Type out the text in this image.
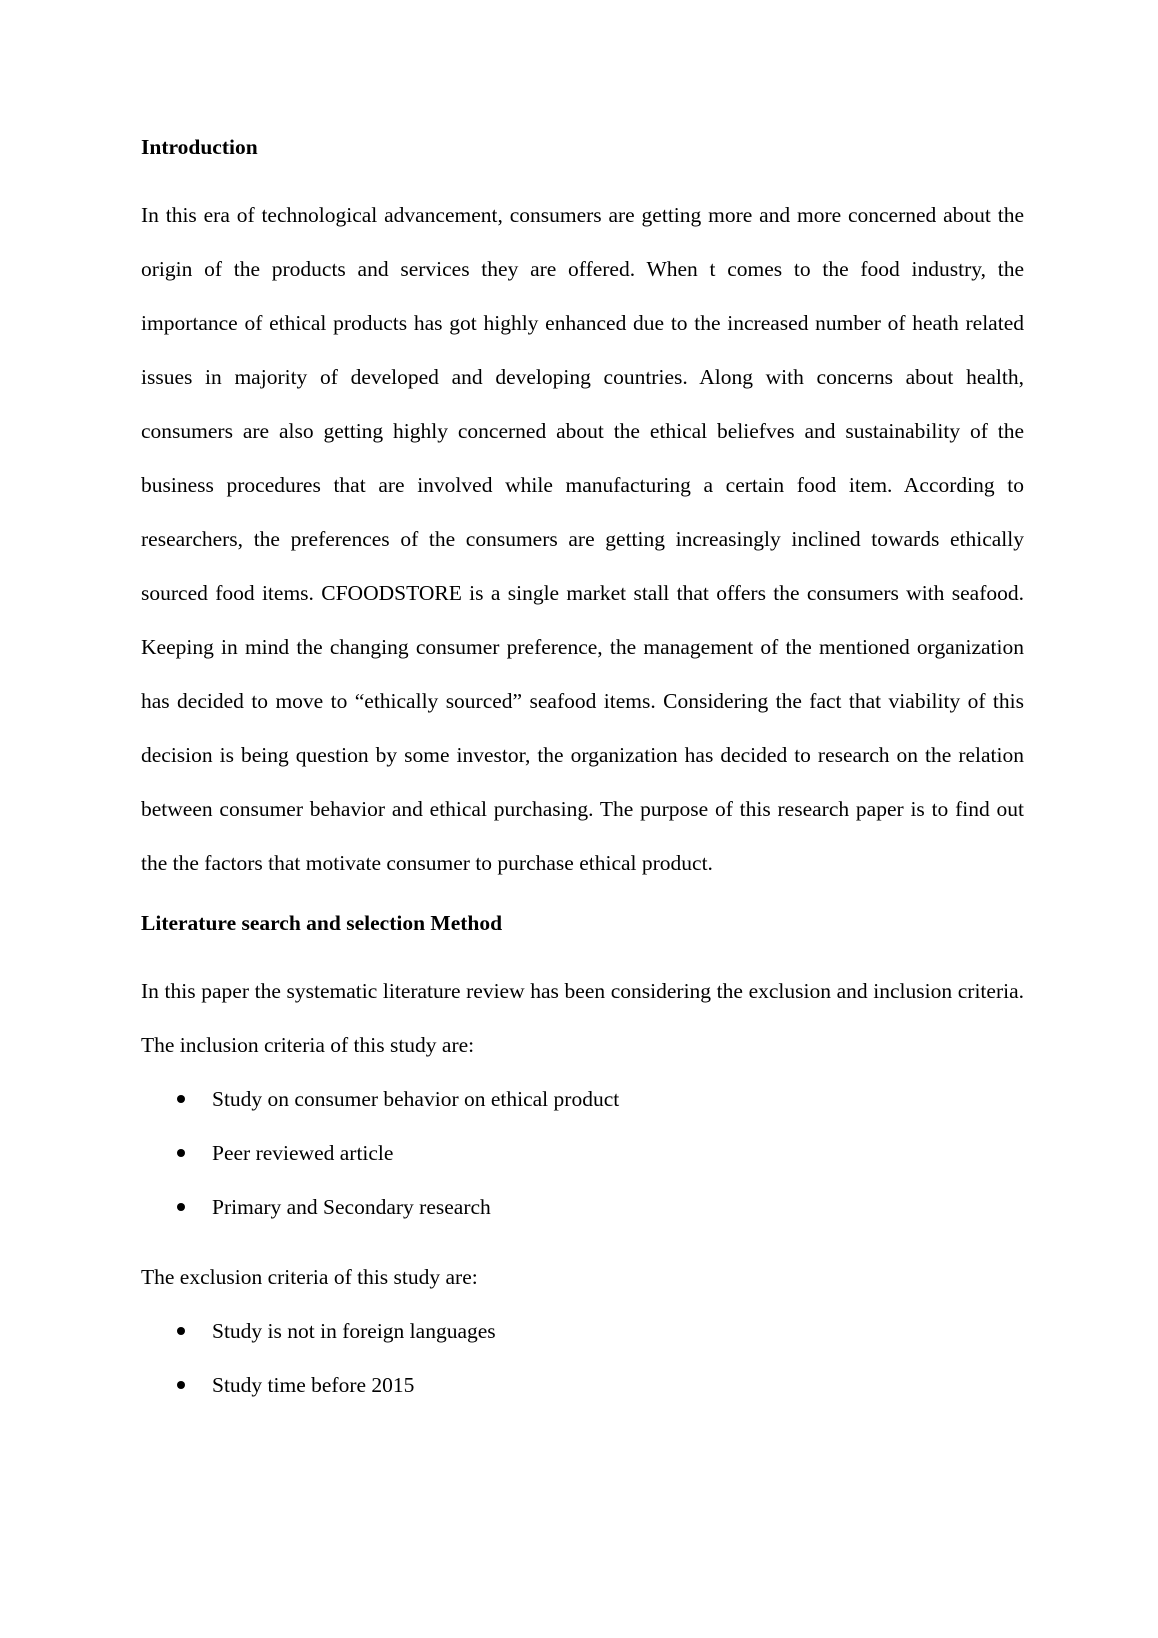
Introduction

In this era of technological advancement, consumers are getting more and more concerned about the origin of the products and services they are offered. When t comes to the food industry, the importance of ethical products has got highly enhanced due to the increased number of heath related issues in majority of developed and developing countries. Along with concerns about health, consumers are also getting highly concerned about the ethical beliefves and sustainability of the business procedures that are involved while manufacturing a certain food item. According to researchers, the preferences of the consumers are getting increasingly inclined towards ethically sourced food items. CFOODSTORE is a single market stall that offers the consumers with seafood. Keeping in mind the changing consumer preference, the management of the mentioned organization has decided to move to “ethically sourced” seafood items. Considering the fact that viability of this decision is being question by some investor, the organization has decided to research on the relation between consumer behavior and ethical purchasing. The purpose of this research paper is to find out the the factors that motivate consumer to purchase ethical product.

Literature search and selection Method

In this paper the systematic literature review has been considering the exclusion and inclusion criteria. The inclusion criteria of this study are:

Study on consumer behavior on ethical product
Peer reviewed article
Primary and Secondary research

The exclusion criteria of this study are:

Study is not in foreign languages
Study time before 2015
